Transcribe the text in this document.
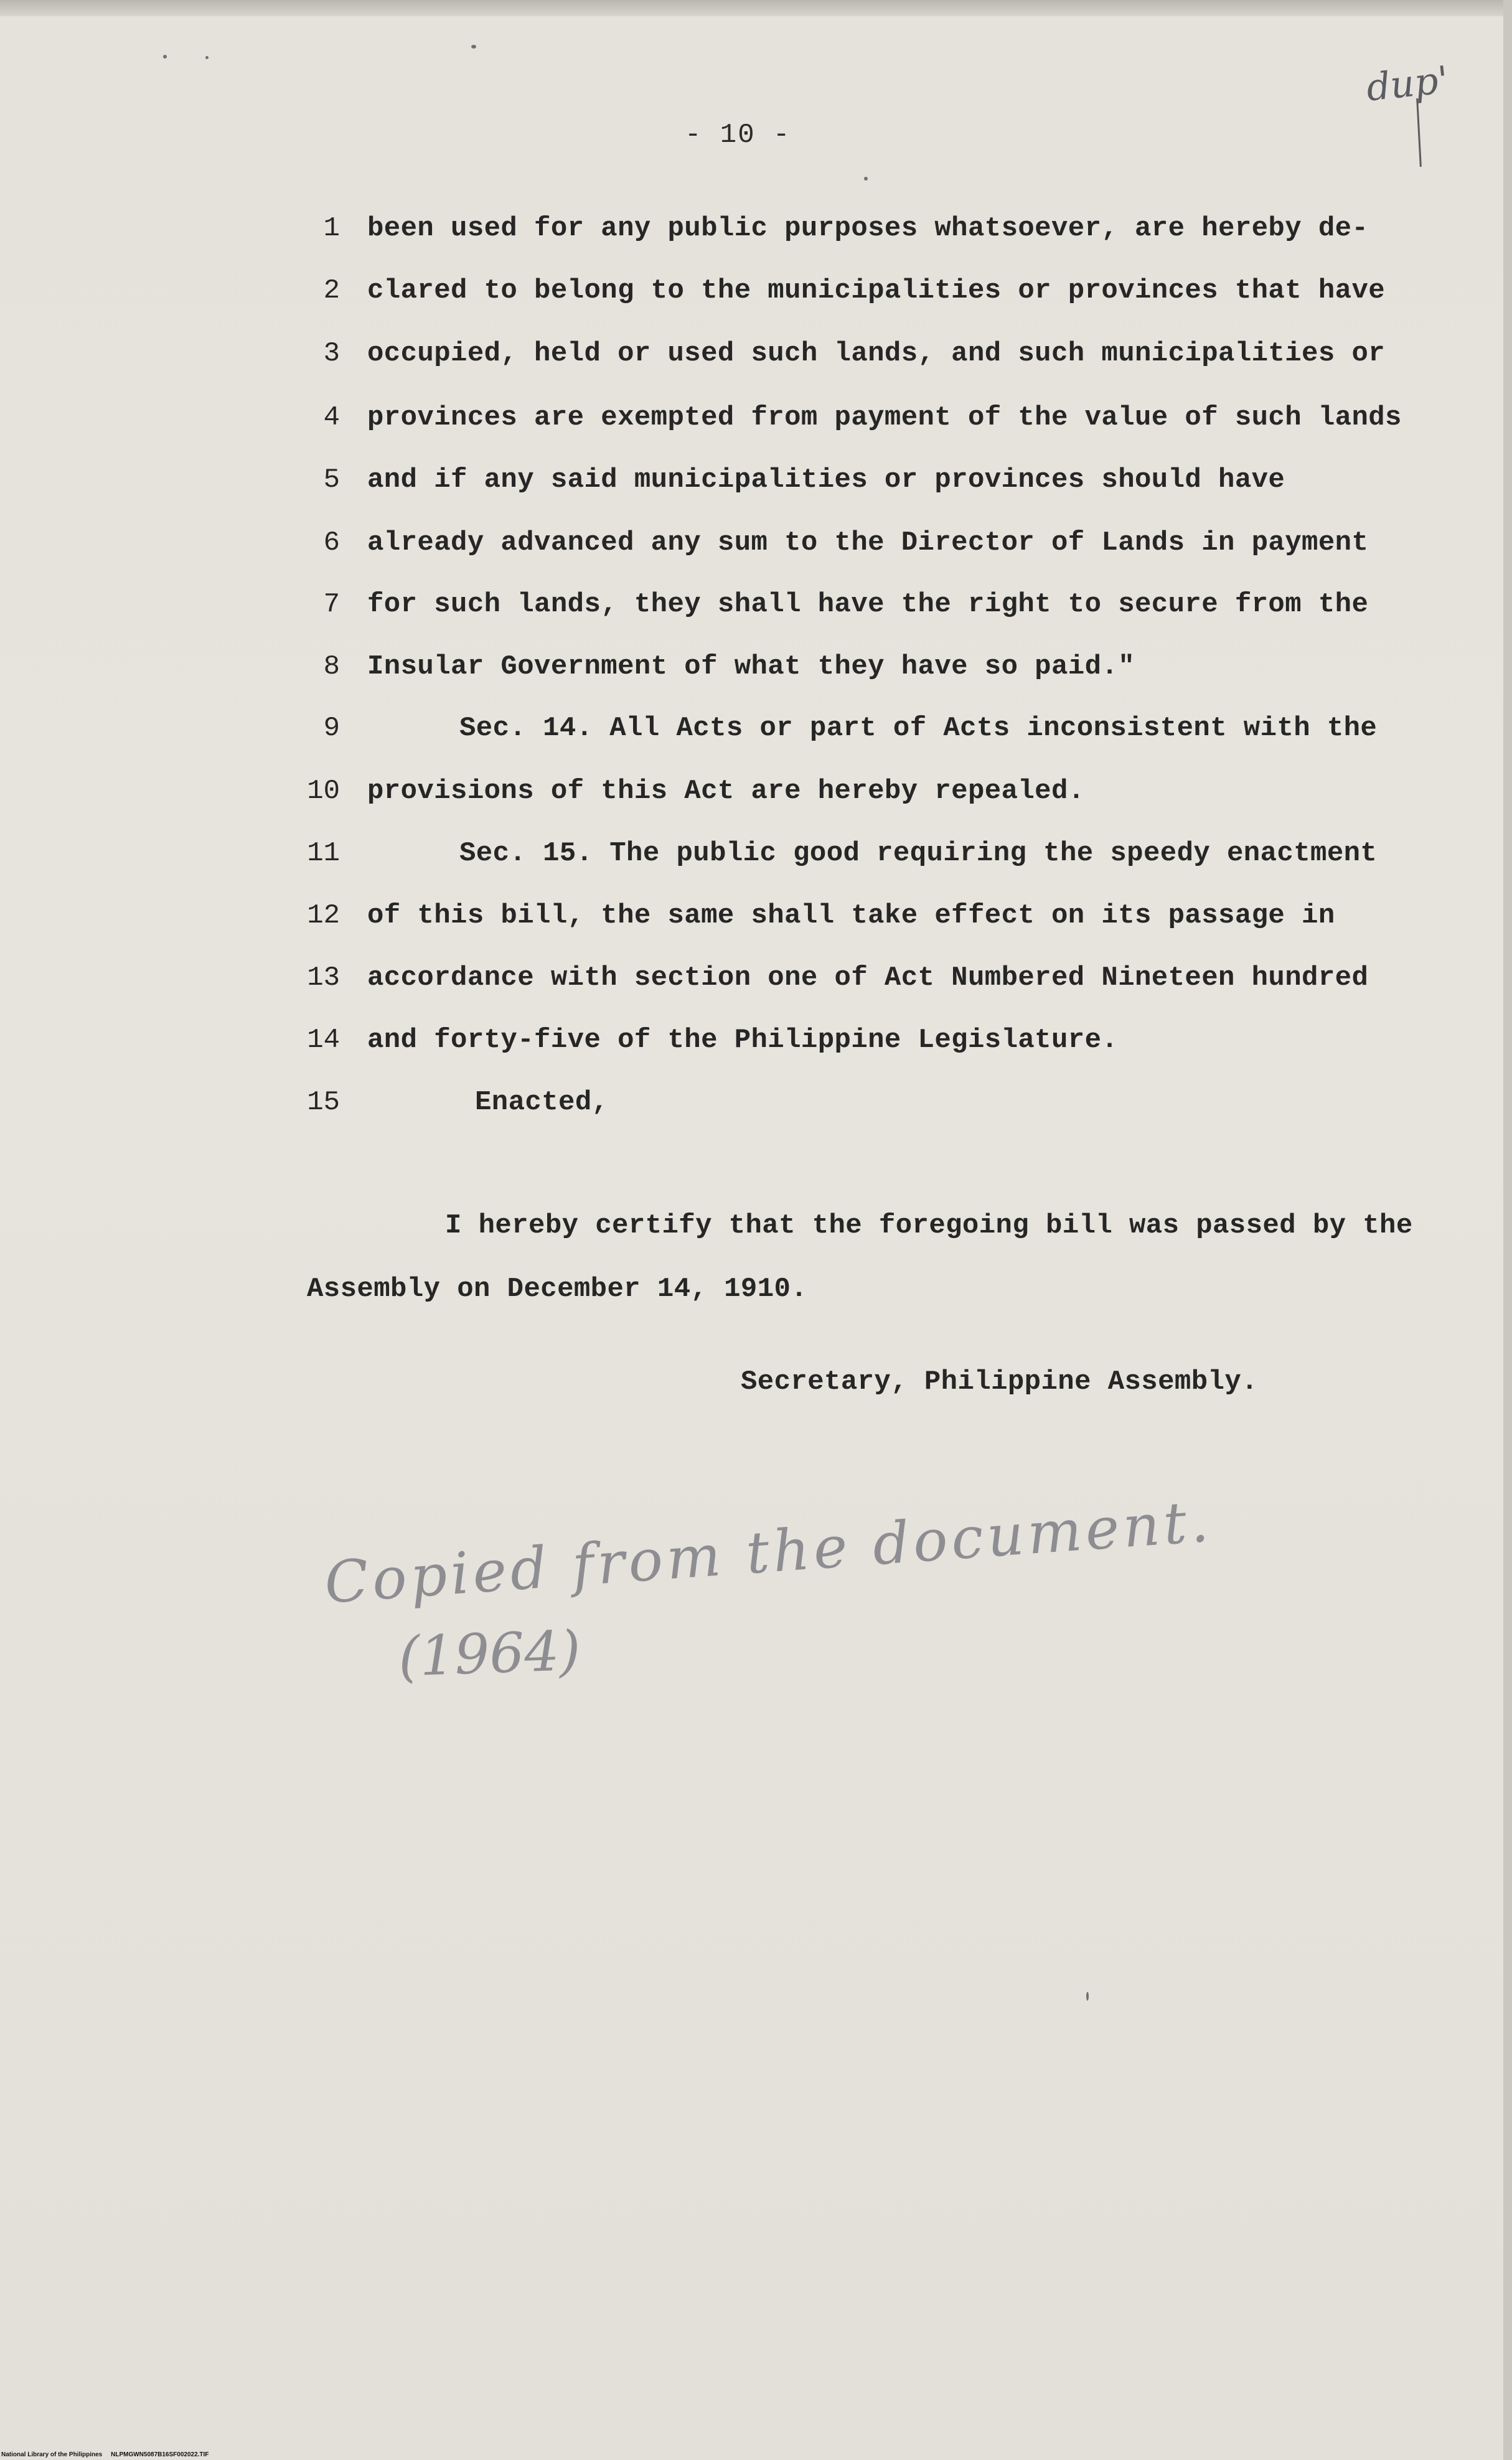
- 10 -
dup'
1 been used for any public purposes whatsoever, are hereby de-
2 clared to belong to the municipalities or provinces that have
3 occupied, held or used such lands, and such municipalities or
4 provinces are exempted from payment of the value of such lands
5 and if any said municipalities or provinces should have
6 already advanced any sum to the Director of Lands in payment
7 for such lands, they shall have the right to secure from the
8 Insular Government of what they have so paid."
9	Sec. 14. All Acts or part of Acts inconsistent with the
10 provisions of this Act are hereby repealed.
11	Sec. 15. The public good requiring the speedy enactment
12 of this bill, the same shall take effect on its passage in
13 accordance with section one of Act Numbered Nineteen hundred
14 and forty-five of the Philippine Legislature.
15	Enacted,
I hereby certify that the foregoing bill was passed by the
Assembly on December 14, 1910.
Secretary, Philippine Assembly.
Copied from the document.
(1964)
National Library of the Philippines     NLPMGWN5087B16SF002022.TIF
